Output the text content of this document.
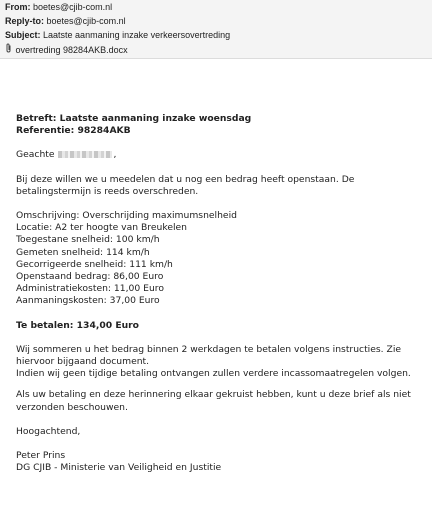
From: boetes@cjib-com.nl
Reply-to: boetes@cjib-com.nl
Subject: Laatste aanmaning inzake verkeersovertreding
overtreding 98284AKB.docx
Betreft: Laatste aanmaning inzake woensdag
Referentie: 98284AKB
Geachte	,
Bij deze willen we u meedelen dat u nog een bedrag heeft openstaan. De betalingstermijn is reeds overschreden.
Omschrijving: Overschrijding maximumsnelheid
Locatie: A2 ter hoogte van Breukelen
Toegestane snelheid: 100 km/h
Gemeten snelheid: 114 km/h
Gecorrigeerde snelheid: 111 km/h
Openstaand bedrag: 86,00 Euro
Administratiekosten: 11,00 Euro
Aanmaningskosten: 37,00 Euro
Te betalen: 134,00 Euro
Wij sommeren u het bedrag binnen 2 werkdagen te betalen volgens instructies. Zie hiervoor bijgaand document.
Indien wij geen tijdige betaling ontvangen zullen verdere incassomaatregelen volgen.
Als uw betaling en deze herinnering elkaar gekruist hebben, kunt u deze brief als niet verzonden beschouwen.
Hoogachtend,
Peter Prins
DG CJIB - Ministerie van Veiligheid en Justitie
